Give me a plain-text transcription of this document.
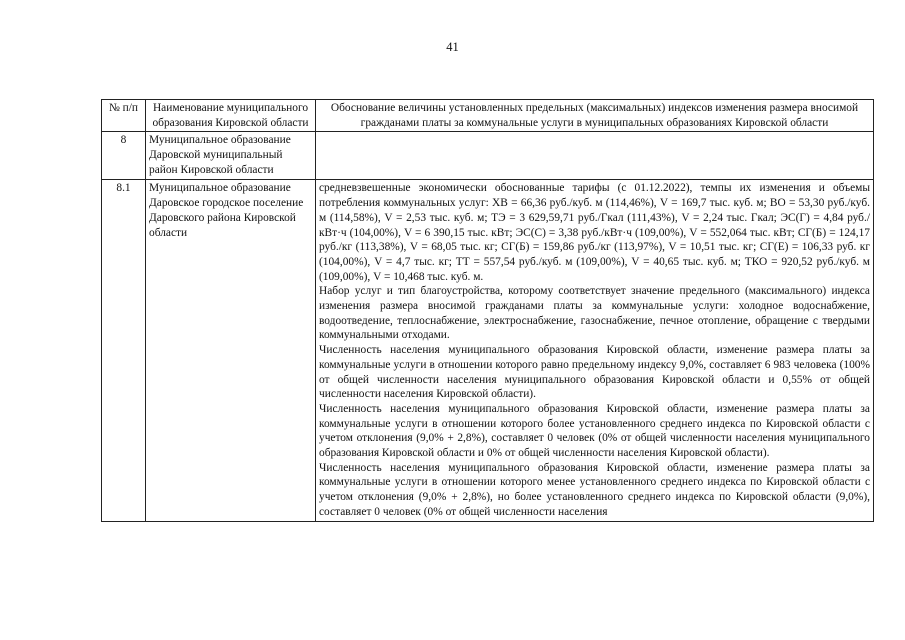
41
№ п/п	Наименование муниципального образования Кировской области	Обоснование величины установленных предельных (максимальных) индексов изменения размера вносимой гражданами платы за коммунальные услуги в муниципальных образованиях Кировской области
8	Муниципальное образование Даровской муниципальный район Кировской области	
8.1	Муниципальное образование Даровское городское поселение Даровского района Кировской области	средневзвешенные экономически обоснованные тарифы (с 01.12.2022), темпы их изменения и объемы потребления коммунальных услуг: ХВ = 66,36 руб./куб. м (114,46%), V = 169,7 тыс. куб. м; ВО = 53,30 руб./куб. м (114,58%), V = 2,53 тыс. куб. м; ТЭ = 3 629,59,71 руб./Гкал (111,43%), V = 2,24 тыс. Гкал; ЭС(Г) = 4,84 руб./кВт·ч (104,00%), V = 6 390,15 тыс. кВт; ЭС(С) = 3,38 руб./кВт·ч (109,00%), V = 552,064 тыс. кВт; СГ(Б) = 124,17 руб./кг (113,38%), V = 68,05 тыс. кг; СГ(Б) = 159,86 руб./кг (113,97%), V = 10,51 тыс. кг; СГ(Е) = 106,33 руб. кг (104,00%), V = 4,7 тыс. кг; ТТ = 557,54 руб./куб. м (109,00%), V = 40,65 тыс. куб. м; ТКО = 920,52 руб./куб. м (109,00%), V = 10,468 тыс. куб. м.

Набор услуг и тип благоустройства, которому соответствует значение предельного (максимального) индекса изменения размера вносимой гражданами платы за коммунальные услуги: холодное водоснабжение, водоотведение, теплоснабжение, электроснабжение, газоснабжение, печное отопление, обращение с твердыми коммунальными отходами.

Численность населения муниципального образования Кировской области, изменение размера платы за коммунальные услуги в отношении которого равно предельному индексу 9,0%, составляет 6 983 человека (100% от общей численности населения муниципального образования Кировской области и 0,55% от общей численности населения Кировской области).

Численность населения муниципального образования Кировской области, изменение размера платы за коммунальные услуги в отношении которого более установленного среднего индекса по Кировской области с учетом отклонения (9,0% + 2,8%), составляет 0 человек (0% от общей численности населения муниципального образования Кировской области и 0% от общей численности населения Кировской области).

Численность населения муниципального образования Кировской области, изменение размера платы за коммунальные услуги в отношении которого менее установленного среднего индекса по Кировской области с учетом отклонения (9,0% + 2,8%), но более установленного среднего индекса по Кировской области (9,0%), составляет 0 человек (0% от общей численности населения
